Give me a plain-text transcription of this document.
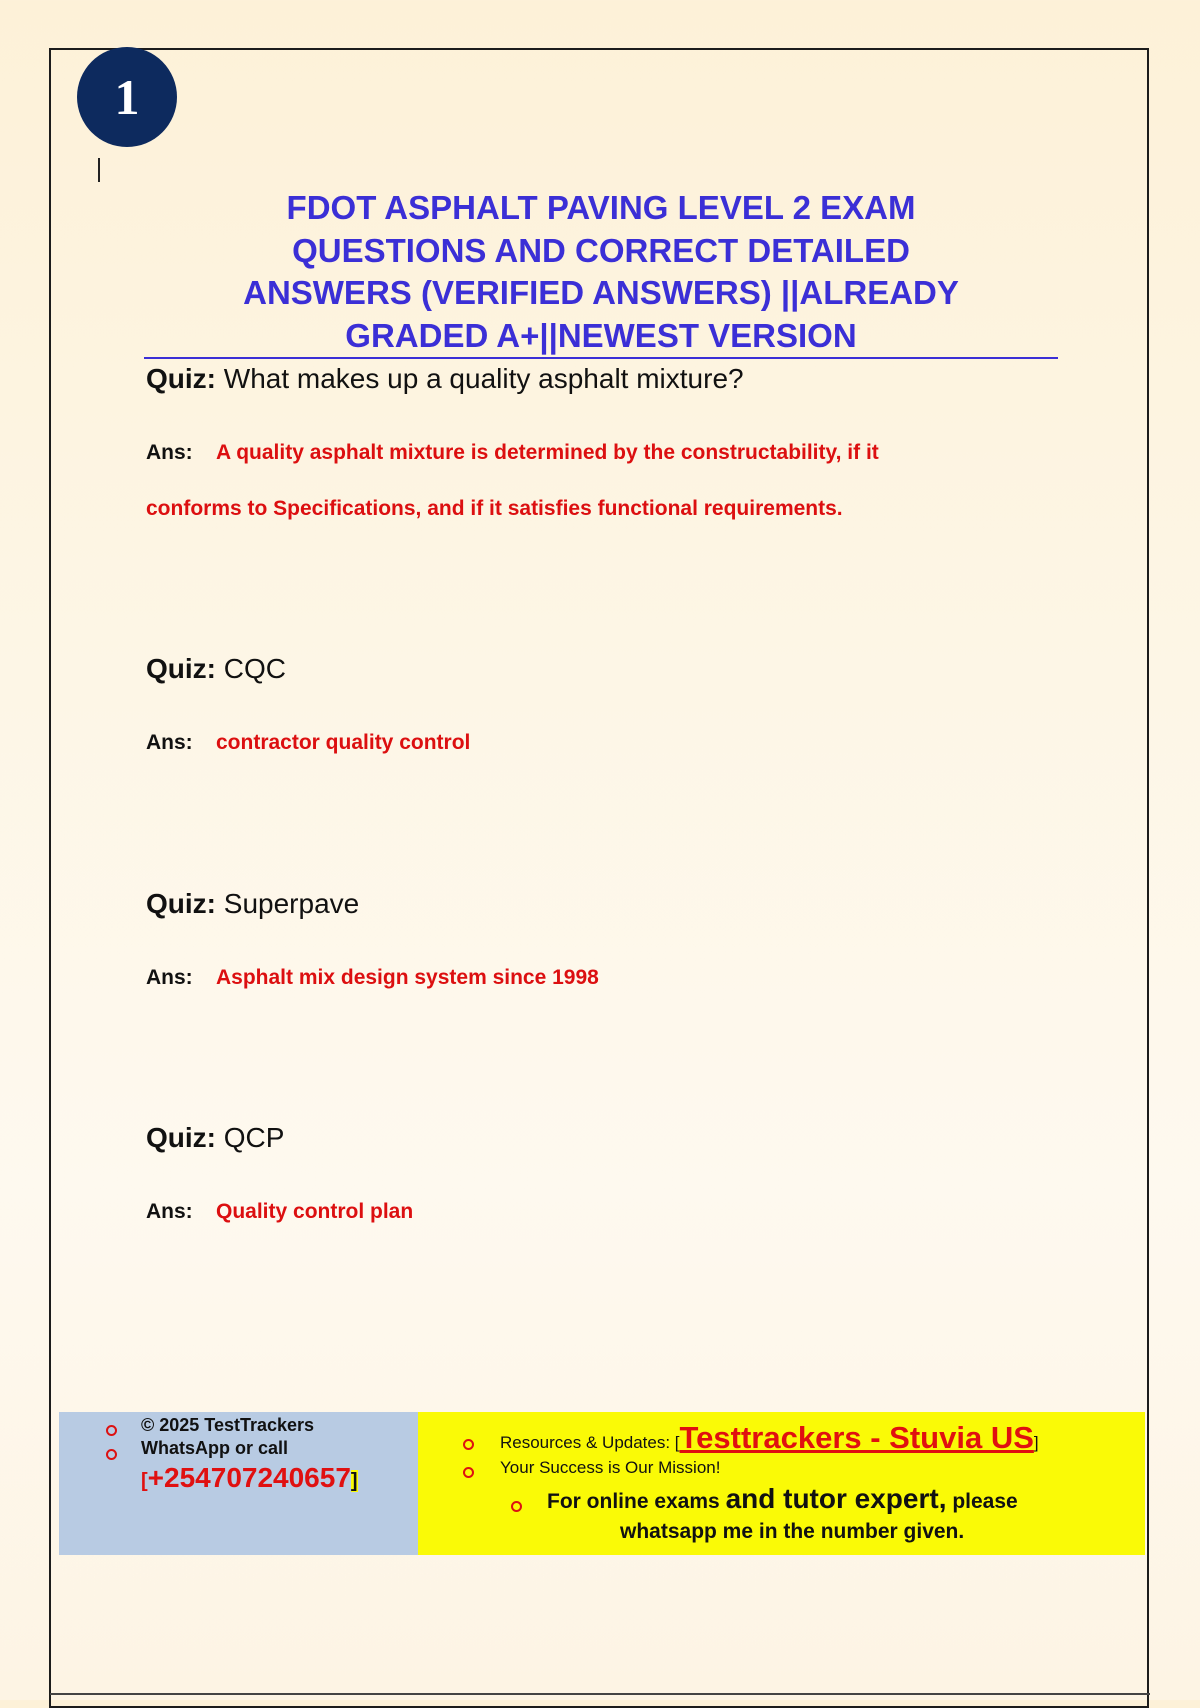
1
FDOT ASPHALT PAVING LEVEL 2 EXAM
QUESTIONS AND CORRECT DETAILED
ANSWERS (VERIFIED ANSWERS) ||ALREADY
GRADED A+||NEWEST VERSION
Quiz: What makes up a quality asphalt mixture?
Ans: A quality asphalt mixture is determined by the constructability, if it
conforms to Specifications, and if it satisfies functional requirements.
Quiz: CQC
Ans: contractor quality control
Quiz: Superpave
Ans: Asphalt mix design system since 1998
Quiz: QCP
Ans: Quality control plan
© 2025 TestTrackers
WhatsApp or call
[+254707240657]
Resources & Updates: [Testtrackers - Stuvia US]
Your Success is Our Mission!
For online exams and tutor expert, please
whatsapp me in the number given.
